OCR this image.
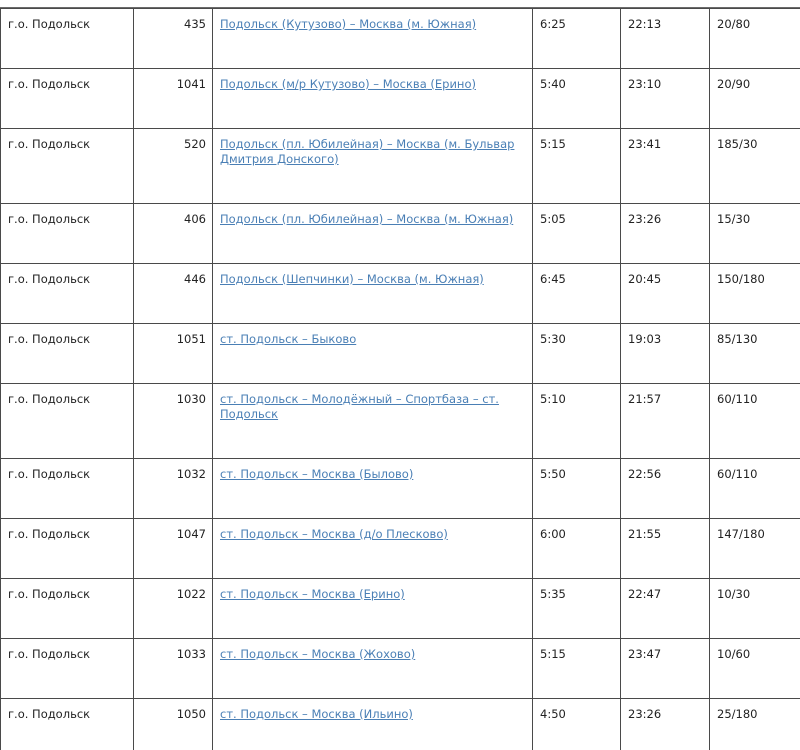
г.о. Подольск	435	Подольск (Кутузово) – Москва (м. Южная)	6:25	22:13	20/80
г.о. Подольск	1041	Подольск (м/р Кутузово) – Москва (Ерино)	5:40	23:10	20/90
г.о. Подольск	520	Подольск (пл. Юбилейная) – Москва (м. Бульвар Дмитрия Донского)	5:15	23:41	185/30
г.о. Подольск	406	Подольск (пл. Юбилейная) – Москва (м. Южная)	5:05	23:26	15/30
г.о. Подольск	446	Подольск (Шепчинки) – Москва (м. Южная)	6:45	20:45	150/180
г.о. Подольск	1051	ст. Подольск – Быково	5:30	19:03	85/130
г.о. Подольск	1030	ст. Подольск – Молодёжный – Спортбаза – ст. Подольск	5:10	21:57	60/110
г.о. Подольск	1032	ст. Подольск – Москва (Былово)	5:50	22:56	60/110
г.о. Подольск	1047	ст. Подольск – Москва (д/о Плесково)	6:00	21:55	147/180
г.о. Подольск	1022	ст. Подольск – Москва (Ерино)	5:35	22:47	10/30
г.о. Подольск	1033	ст. Подольск – Москва (Жохово)	5:15	23:47	10/60
г.о. Подольск	1050	ст. Подольск – Москва (Ильино)	4:50	23:26	25/180
